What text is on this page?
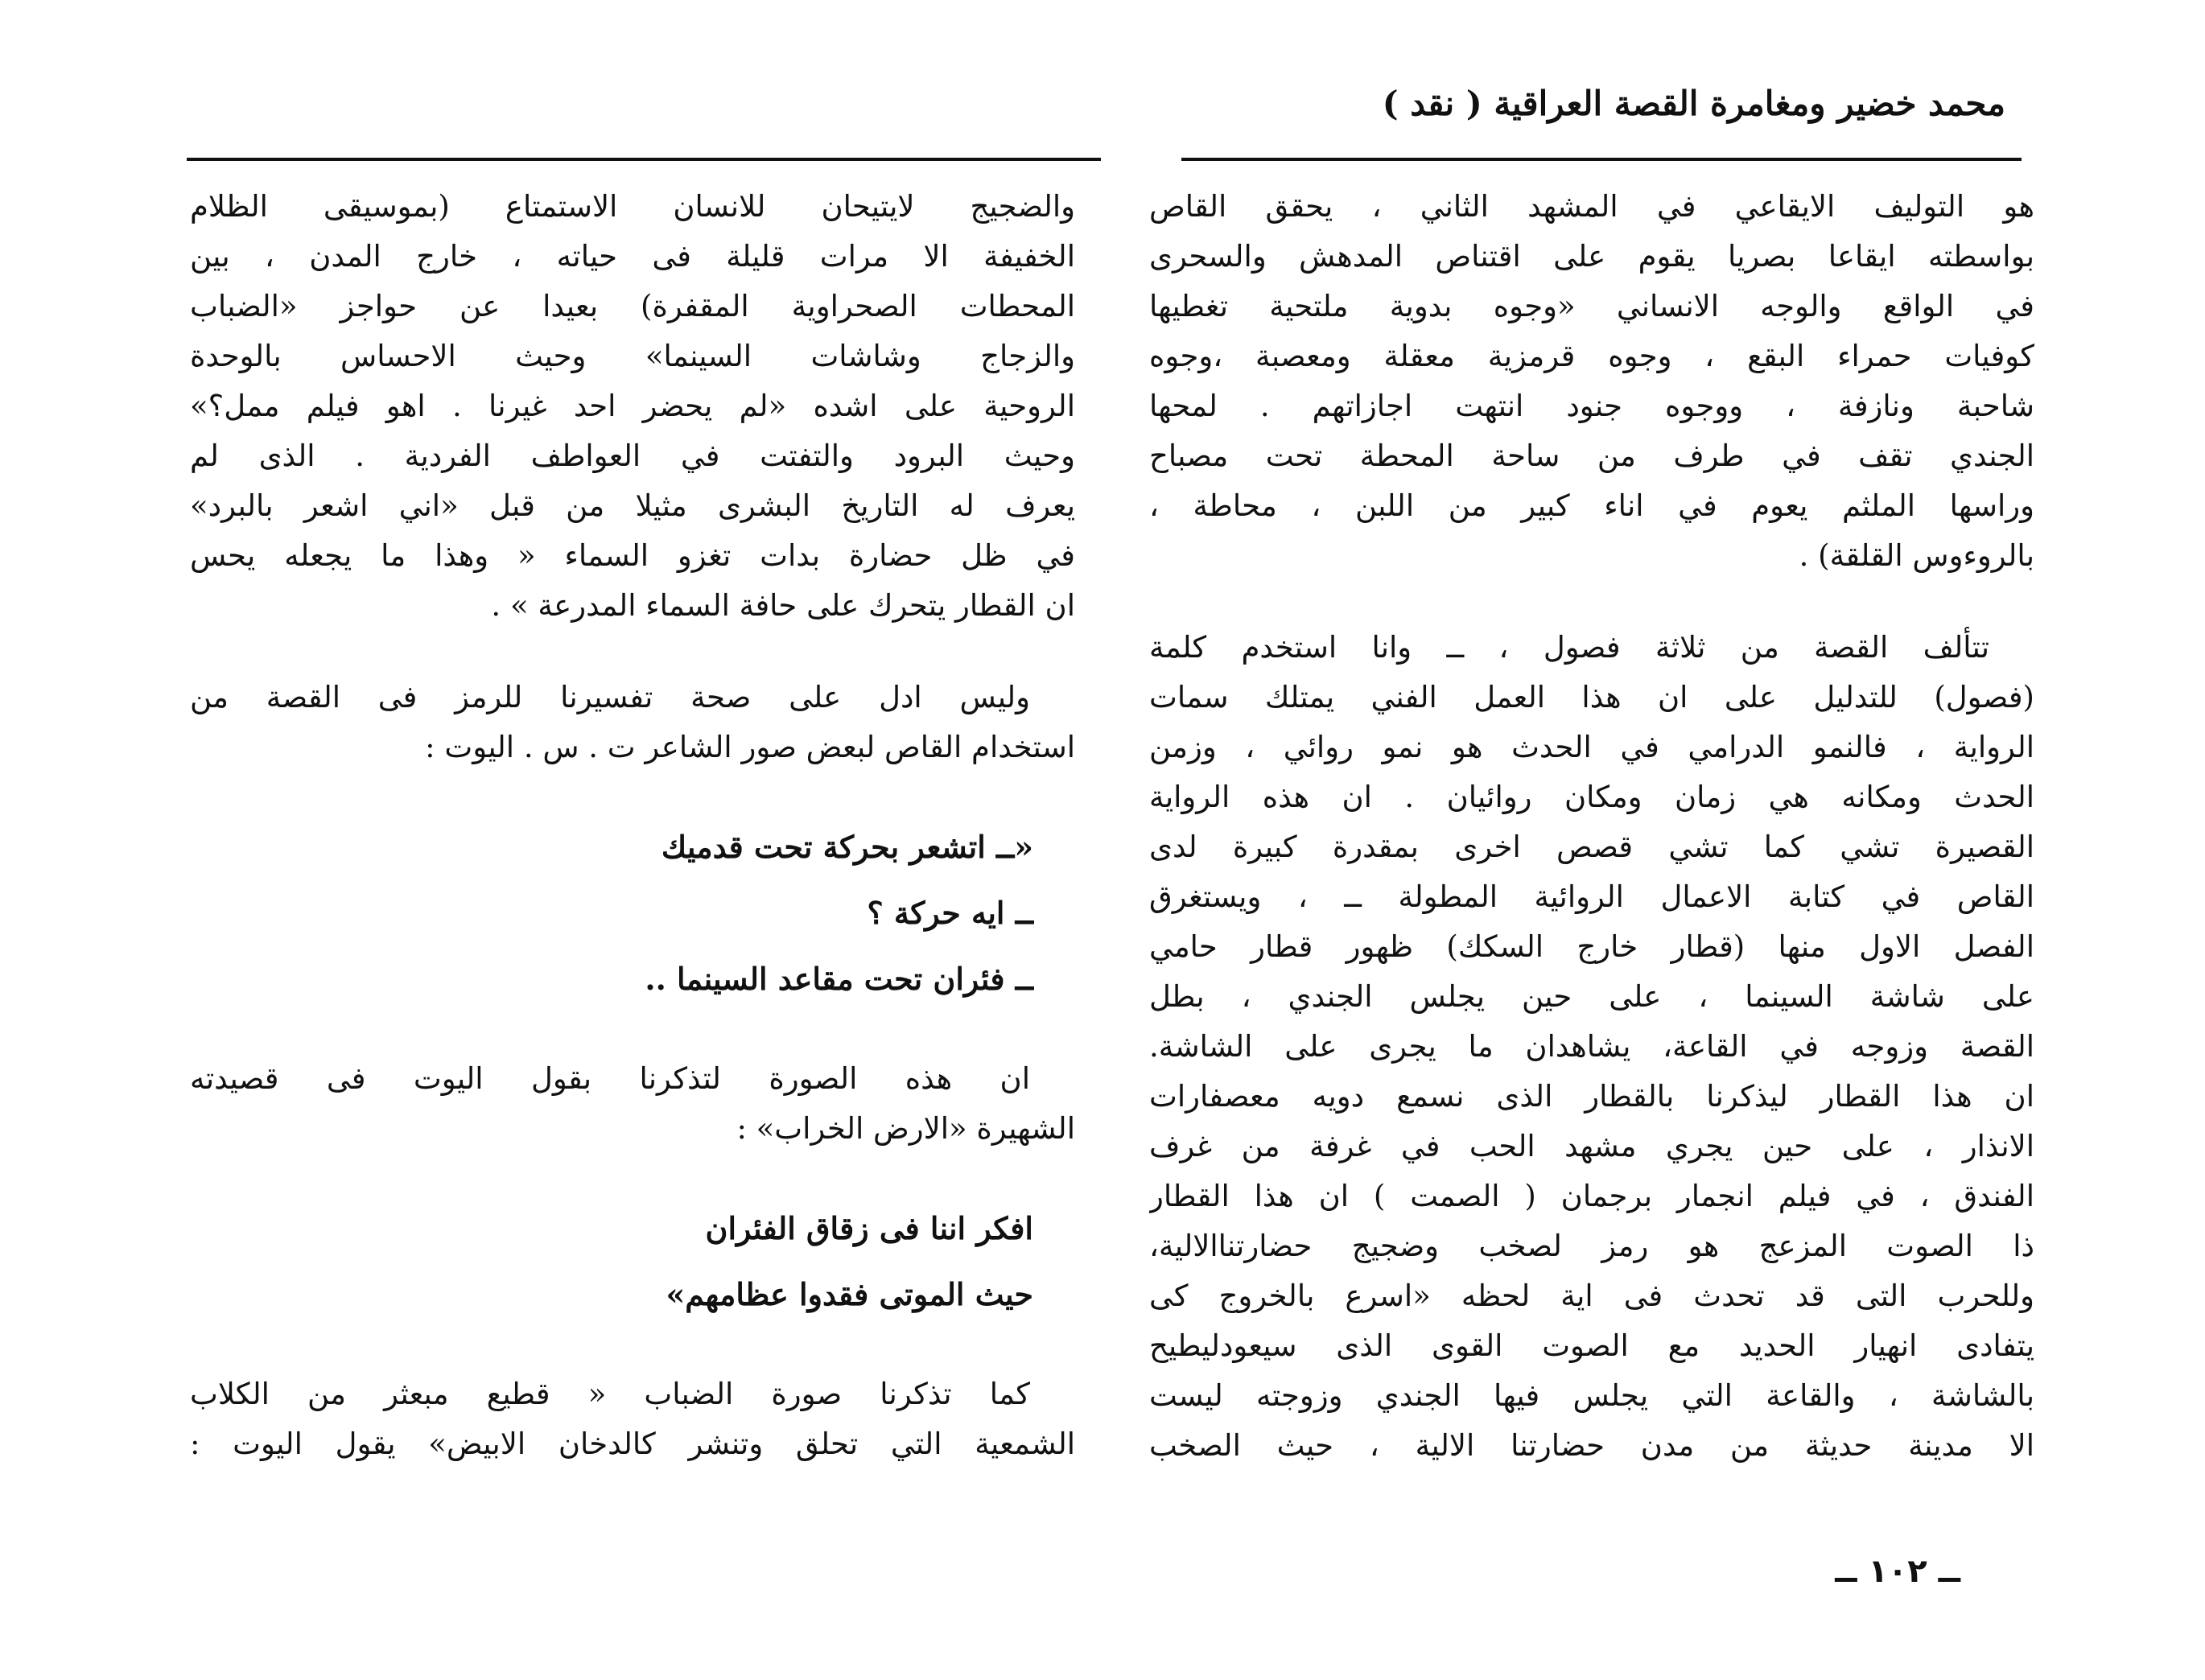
محمد خضير ومغامرة القصة العراقية ( نقد )
هو التوليف الايقاعي في المشهد الثاني ، يحقق القاص
بواسطته ايقاعا بصريا يقوم على اقتناص المدهش والسحرى
في الواقع والوجه الانساني «وجوه بدوية ملتحية تغطيها
كوفيات حمراء البقع ، وجوه قرمزية معقلة ومعصبة ،وجوه
شاحبة ونازفة ، ووجوه جنود انتهت اجازاتهم . لمحها
الجندي تقف في طرف من ساحة المحطة تحت مصباح
وراسها الملثم يعوم في اناء كبير من اللبن ، محاطة ،
بالروءوس القلقة) .
تتألف القصة من ثلاثة فصول ، ــ وانا استخدم كلمة
(فصول) للتدليل على ان هذا العمل الفني يمتلك سمات
الرواية ، فالنمو الدرامي في الحدث هو نمو روائي ، وزمن
الحدث ومكانه هي زمان ومكان روائيان . ان هذه الرواية
القصيرة تشي كما تشي قصص اخرى بمقدرة كبيرة لدى
القاص في كتابة الاعمال الروائية المطولة ــ ، ويستغرق
الفصل الاول منها (قطار خارج السكك) ظهور قطار حامي
على شاشة السينما ، على حين يجلس الجندي ، بطل
القصة وزوجه في القاعة، يشاهدان ما يجرى على الشاشة.
ان هذا القطار ليذكرنا بالقطار الذى نسمع دويه معصفارات
الانذار ، على حين يجري مشهد الحب في غرفة من غرف
الفندق ، في فيلم انجمار برجمان ( الصمت ) ان هذا القطار
ذا الصوت المزعج هو رمز لصخب وضجيج حضارتناالالية،
وللحرب التى قد تحدث فى اية لحظه «اسرع بالخروج كى
يتفادى انهيار الحديد مع الصوت القوى الذى سيعودليطيح
بالشاشة ، والقاعة التي يجلس فيها الجندي وزوجته ليست
الا مدينة حديثة من مدن حضارتنا الالية ، حيث الصخب
والضجيج لايتيحان للانسان الاستمتاع (بموسيقى الظلام
الخفيفة الا مرات قليلة فى حياته ، خارج المدن ، بين
المحطات الصحراوية المقفرة) بعيدا عن حواجز «الضباب
والزجاج وشاشات السينما» وحيث الاحساس بالوحدة
الروحية على اشده «لم يحضر احد غيرنا . اهو فيلم ممل؟»
وحيث البرود والتفتت في العواطف الفردية . الذى لم
يعرف له التاريخ البشرى مثيلا من قبل «اني اشعر بالبرد»
في ظل حضارة بدات تغزو السماء « وهذا ما يجعله يحس
ان القطار يتحرك على حافة السماء المدرعة » .
وليس ادل على صحة تفسيرنا للرمز فى القصة من
استخدام القاص لبعض صور الشاعر ت . س . اليوت :
«ــ اتشعر بحركة تحت قدميك
ــ ايه حركة ؟
ــ فئران تحت مقاعد السينما ..
ان هذه الصورة لتذكرنا بقول اليوت فى قصيدته
الشهيرة «الارض الخراب» :
افكر اننا فى زقاق الفئران
حيث الموتى فقدوا عظامهم»
كما تذكرنا صورة الضباب « قطيع مبعثر من الكلاب
الشمعية التي تحلق وتنشر كالدخان الابيض» يقول اليوت :
ــ ١٠٢ ــ
